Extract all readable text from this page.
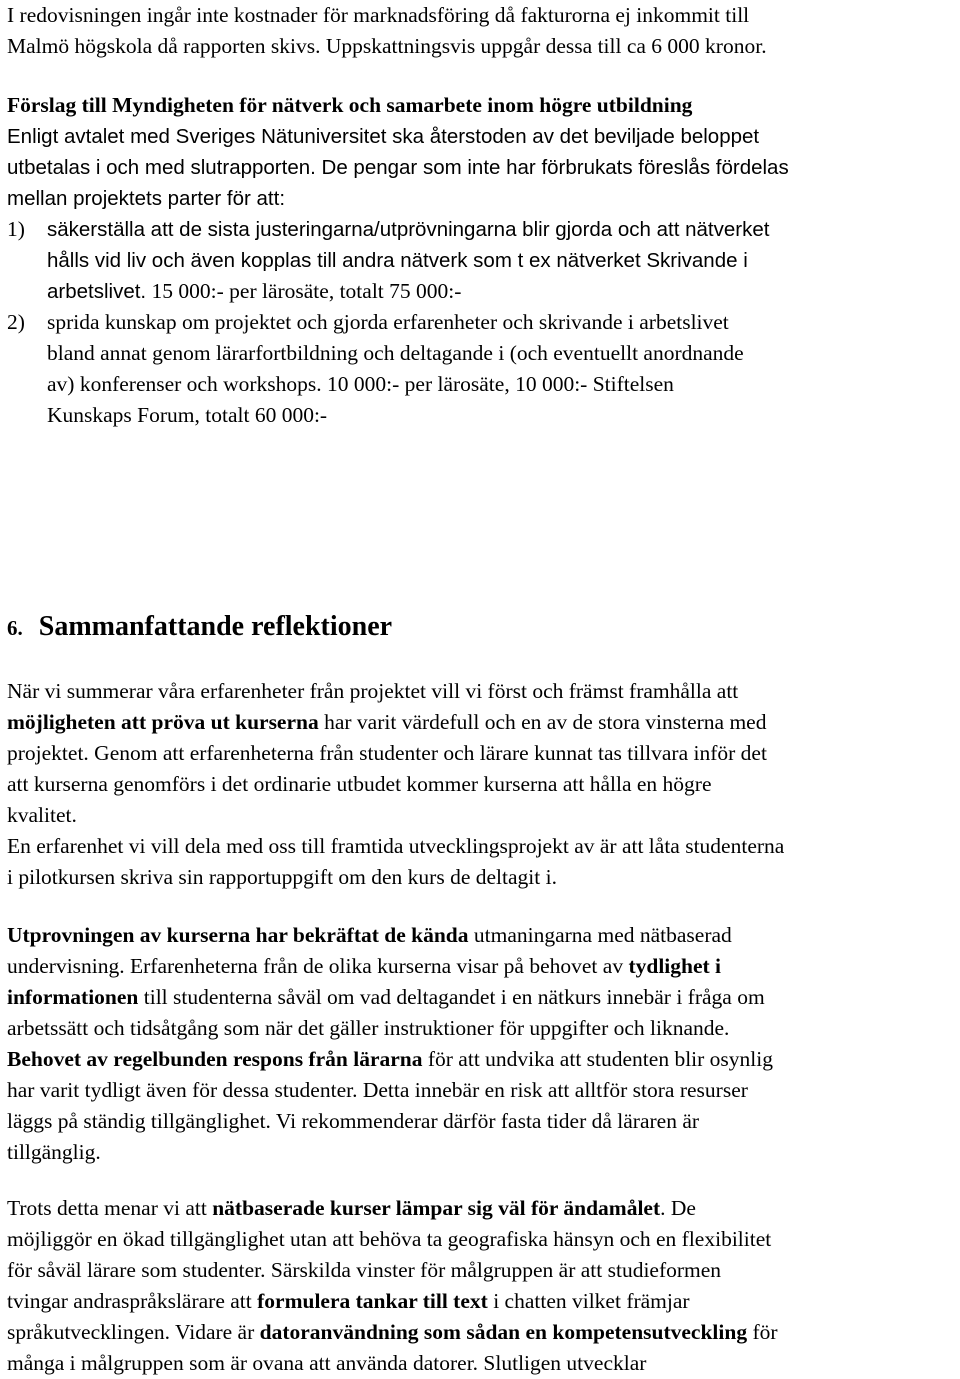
I redovisningen ingår inte kostnader för marknadsföring då fakturorna ej inkommit till

Malmö högskola då rapporten skivs. Uppskattningsvis uppgår dessa till ca 6 000 kronor.

Förslag till Myndigheten för nätverk och samarbete inom högre utbildning

Enligt avtalet med Sveriges Nätuniversitet ska återstoden av det beviljade beloppet

utbetalas i och med slutrapporten. De pengar som inte har förbrukats föreslås fördelas

mellan projektets parter för att:

1)	säkerställa att de sista justeringarna/utprövningarna blir gjorda och att nätverket

hålls vid liv och även kopplas till andra nätverk som t ex nätverket Skrivande i

arbetslivet. 15 000:- per lärosäte, totalt 75 000:-

2)	sprida kunskap om projektet och gjorda erfarenheter och skrivande i arbetslivet

bland annat genom lärarfortbildning och deltagande i (och eventuellt anordnande

av) konferenser och workshops. 10 000:- per lärosäte, 10 000:- Stiftelsen

Kunskaps Forum, totalt 60 000:-

6. Sammanfattande reflektioner

När vi summerar våra erfarenheter från projektet vill vi först och främst framhålla att

möjligheten att pröva ut kurserna har varit värdefull och en av de stora vinsterna med

projektet. Genom att erfarenheterna från studenter och lärare kunnat tas tillvara inför det

att kurserna genomförs i det ordinarie utbudet kommer kurserna att hålla en högre

kvalitet.

En erfarenhet vi vill dela med oss till framtida utvecklingsprojekt av är att låta studenterna

i pilotkursen skriva sin rapportuppgift om den kurs de deltagit i.

Utprovningen av kurserna har bekräftat de kända utmaningarna med nätbaserad

undervisning. Erfarenheterna från de olika kurserna visar på behovet av tydlighet i

informationen till studenterna såväl om vad deltagandet i en nätkurs innebär i fråga om

arbetssätt och tidsåtgång som när det gäller instruktioner för uppgifter och liknande.

Behovet av regelbunden respons från lärarna för att undvika att studenten blir osynlig

har varit tydligt även för dessa studenter. Detta innebär en risk att alltför stora resurser

läggs på ständig tillgänglighet. Vi rekommenderar därför fasta tider då läraren är

tillgänglig.

Trots detta menar vi att nätbaserade kurser lämpar sig väl för ändamålet. De

möjliggör en ökad tillgänglighet utan att behöva ta geografiska hänsyn och en flexibilitet

för såväl lärare som studenter. Särskilda vinster för målgruppen är att studieformen

tvingar andraspråkslärare att formulera tankar till text i chatten vilket främjar

språkutvecklingen. Vidare är datoranvändning som sådan en kompetensutveckling för

många i målgruppen som är ovana att använda datorer. Slutligen utvecklar
